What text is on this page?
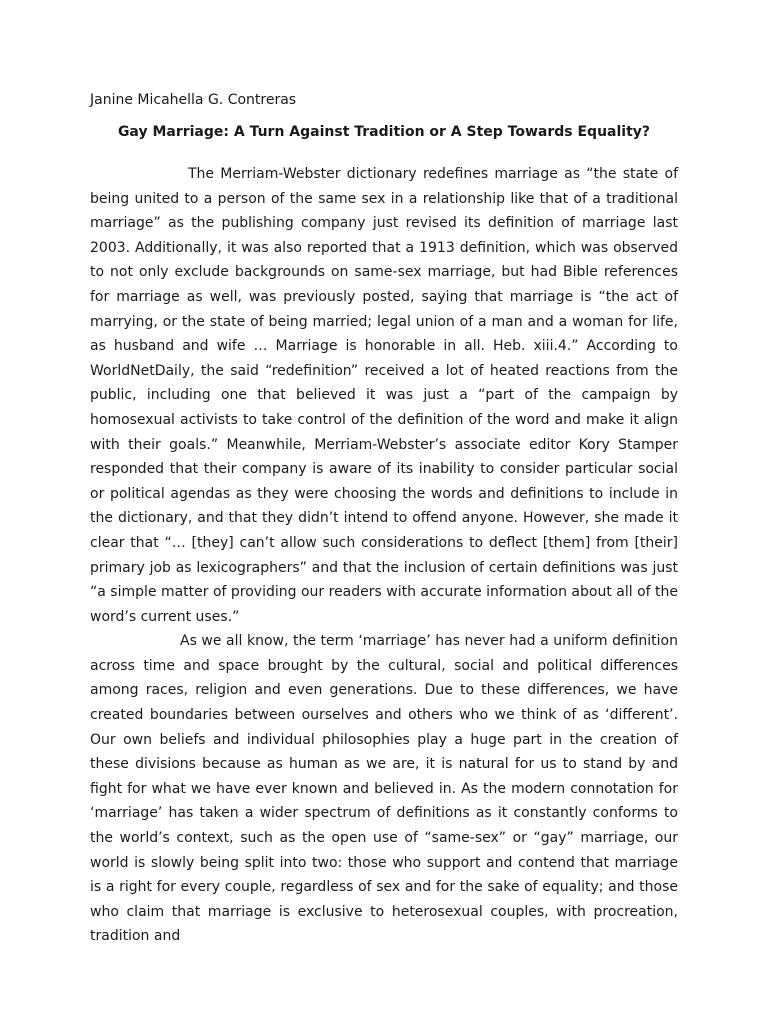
Janine Micahella G. Contreras

Gay Marriage: A Turn Against Tradition or A Step Towards Equality?

The Merriam-Webster dictionary redefines marriage as “the state of being united to a person of the same sex in a relationship like that of a traditional marriage” as the publishing company just revised its definition of marriage last 2003. Additionally, it was also reported that a 1913 definition, which was observed to not only exclude backgrounds on same-sex marriage, but had Bible references for marriage as well, was previously posted, saying that marriage is “the act of marrying, or the state of being married; legal union of a man and a woman for life, as husband and wife … Marriage is honorable in all. Heb. xiii.4.” According to WorldNetDaily, the said “redefinition” received a lot of heated reactions from the public, including one that believed it was just a “part of the campaign by homosexual activists to take control of the definition of the word and make it align with their goals.” Meanwhile, Merriam-Webster’s associate editor Kory Stamper responded that their company is aware of its inability to consider particular social or political agendas as they were choosing the words and definitions to include in the dictionary, and that they didn’t intend to offend anyone. However, she made it clear that “… [they] can’t allow such considerations to deflect [them] from [their] primary job as lexicographers” and that the inclusion of certain definitions was just “a simple matter of providing our readers with accurate information about all of the word’s current uses.”

As we all know, the term ‘marriage’ has never had a uniform definition across time and space brought by the cultural, social and political differences among races, religion and even generations. Due to these differences, we have created boundaries between ourselves and others who we think of as ‘different’. Our own beliefs and individual philosophies play a huge part in the creation of these divisions because as human as we are, it is natural for us to stand by and fight for what we have ever known and believed in. As the modern connotation for ‘marriage’ has taken a wider spectrum of definitions as it constantly conforms to the world’s context, such as the open use of “same-sex” or “gay” marriage, our world is slowly being split into two: those who support and contend that marriage is a right for every couple, regardless of sex and for the sake of equality; and those who claim that marriage is exclusive to heterosexual couples, with procreation, tradition and
